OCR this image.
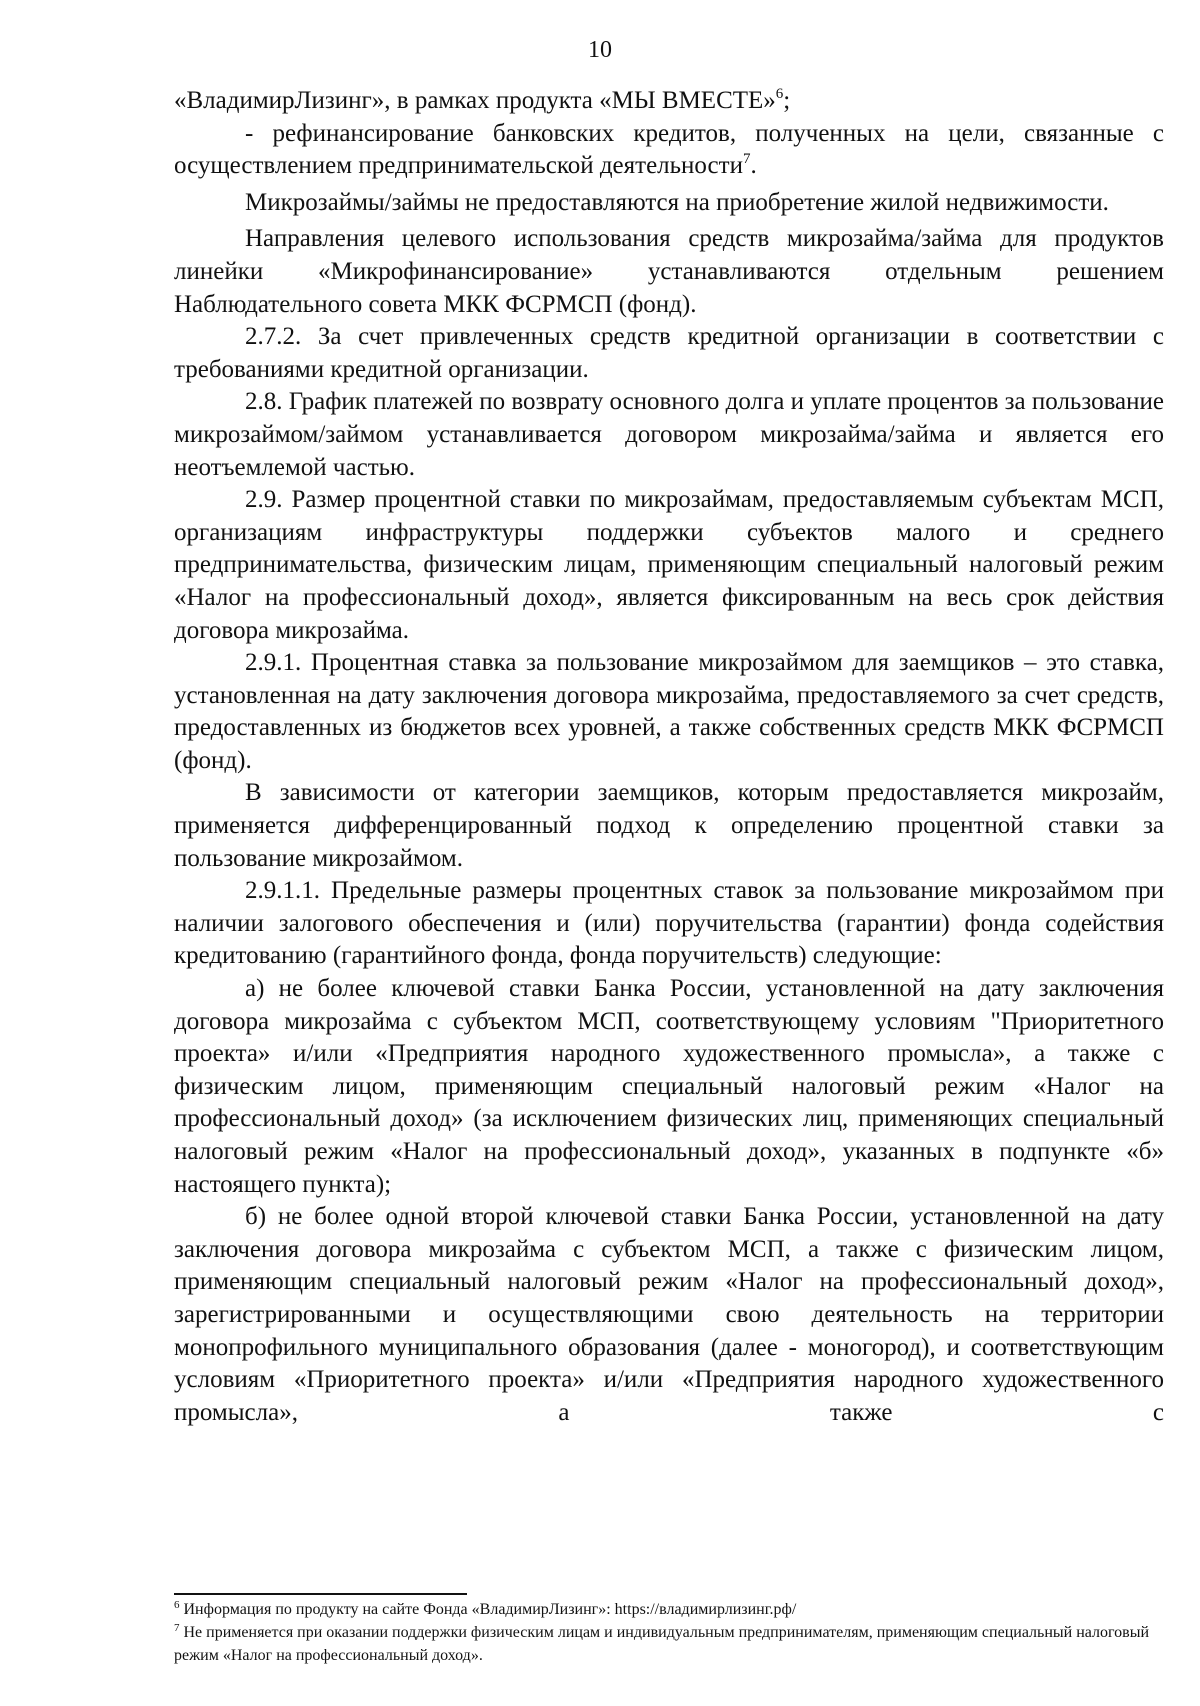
10

«ВладимирЛизинг», в рамках продукта «МЫ ВМЕСТЕ»$^6$;

- рефинансирование банковских кредитов, полученных на цели, связанные с осуществлением предпринимательской деятельности$^7$.

Микрозаймы/займы не предоставляются на приобретение жилой недвижимости.

Направления целевого использования средств микрозайма/займа для продуктов линейки «Микрофинансирование» устанавливаются отдельным решением Наблюдательного совета МКК ФСРМСП (фонд).

2.7.2. За счет привлеченных средств кредитной организации в соответствии с требованиями кредитной организации.

2.8. График платежей по возврату основного долга и уплате процентов за пользование микрозаймом/займом устанавливается договором микрозайма/займа и является его неотъемлемой частью.

2.9. Размер процентной ставки по микрозаймам, предоставляемым субъектам МСП, организациям инфраструктуры поддержки субъектов малого и среднего предпринимательства, физическим лицам, применяющим специальный налоговый режим «Налог на профессиональный доход», является фиксированным на весь срок действия договора микрозайма.

2.9.1. Процентная ставка за пользование микрозаймом для заемщиков – это ставка, установленная на дату заключения договора микрозайма, предоставляемого за счет средств, предоставленных из бюджетов всех уровней, а также собственных средств МКК ФСРМСП (фонд).

В зависимости от категории заемщиков, которым предоставляется микрозайм, применяется дифференцированный подход к определению процентной ставки за пользование микрозаймом.

2.9.1.1. Предельные размеры процентных ставок за пользование микрозаймом при наличии залогового обеспечения и (или) поручительства (гарантии) фонда содействия кредитованию (гарантийного фонда, фонда поручительств) следующие:

а) не более ключевой ставки Банка России, установленной на дату заключения договора микрозайма с субъектом МСП, соответствующему условиям "Приоритетного проекта» и/или «Предприятия народного художественного промысла», а также с физическим лицом, применяющим специальный налоговый режим «Налог на профессиональный доход» (за исключением физических лиц, применяющих специальный налоговый режим «Налог на профессиональный доход», указанных в подпункте «б» настоящего пункта);

б) не более одной второй ключевой ставки Банка России, установленной на дату заключения договора микрозайма с субъектом МСП, а также с физическим лицом, применяющим специальный налоговый режим «Налог на профессиональный доход», зарегистрированными и осуществляющими свою деятельность на территории монопрофильного муниципального образования (далее - моногород), и соответствующим условиям «Приоритетного проекта» и/или «Предприятия народного художественного промысла», а также с

$^6$ Информация по продукту на сайте Фонда «ВладимирЛизинг»: https://владимирлизинг.рф/

$^7$ Не применяется при оказании поддержки физическим лицам и индивидуальным предпринимателям, применяющим специальный налоговый режим «Налог на профессиональный доход».
